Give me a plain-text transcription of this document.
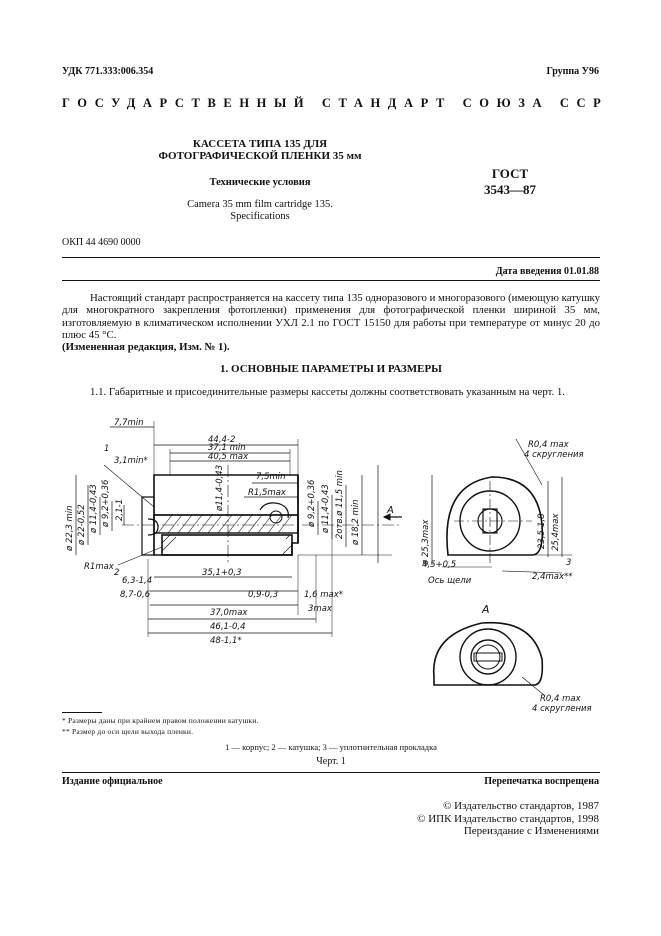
УДК 771.333:006.354	Группа У96
ГОСУДАРСТВЕННЫЙ СТАНДАРТ СОЮЗА ССР
КАССЕТА ТИПА 135 ДЛЯ
ФОТОГРАФИЧЕСКОЙ ПЛЕНКИ 35 мм
Технические условия
Camera 35 mm film cartridge 135.
Specifications
ГОСТ
3543—87
ОКП 44 4690 0000
Дата введения 01.01.88
Настоящий стандарт распространяется на кассету типа 135 одноразового и многоразового (имеющую катушку для многократного закрепления фотопленки) применения для фотографической пленки шириной 35 мм, изготовляемую в климатическом исполнении УХЛ 2.1 по ГОСТ 15150 для работы при температуре от минус 20 до плюс 45 °С.
(Измененная редакция, Изм. № 1).
1. ОСНОВНЫЕ ПАРАМЕТРЫ И РАЗМЕРЫ
1.1. Габаритные и присоединительные размеры кассеты должны соответствовать указанным на черт. 1.
7,7min
44,4-2
37,1 min
40,5 max
1
3,1min*
7,5min
R1,5max
R1max
2
6,3-1,4
35,1+0,3
8,7-0,6	0,9-0,3	1,6 max*
3max
37,0max
46,1-0,4
48-1,1*
А
ø 22,3 min ø 22-0,52 ø 11,4-0,43 ø 9,2+0,36 2,1-1	ø11,4-0,43	ø 9,2+0,36 ø 11,4-0,43 2отв.ø 11,5 min ø 18,2 min
R0,4 max
4 скругления
ø 25,3max	23,5-1,8 25,4max
4,5+0,5	3
Ось щели	2,4max**
А
R0,4 max
4 скругления
* Размеры даны при крайнем правом положении катушки.
** Размер до оси щели выхода пленки.
1 — корпус; 2 — катушка; 3 — уплотнительная прокладка
Черт. 1
Издание официальное	Перепечатка воспрещена
© Издательство стандартов, 1987
© ИПК Издательство стандартов, 1998
Переиздание с Изменениями
